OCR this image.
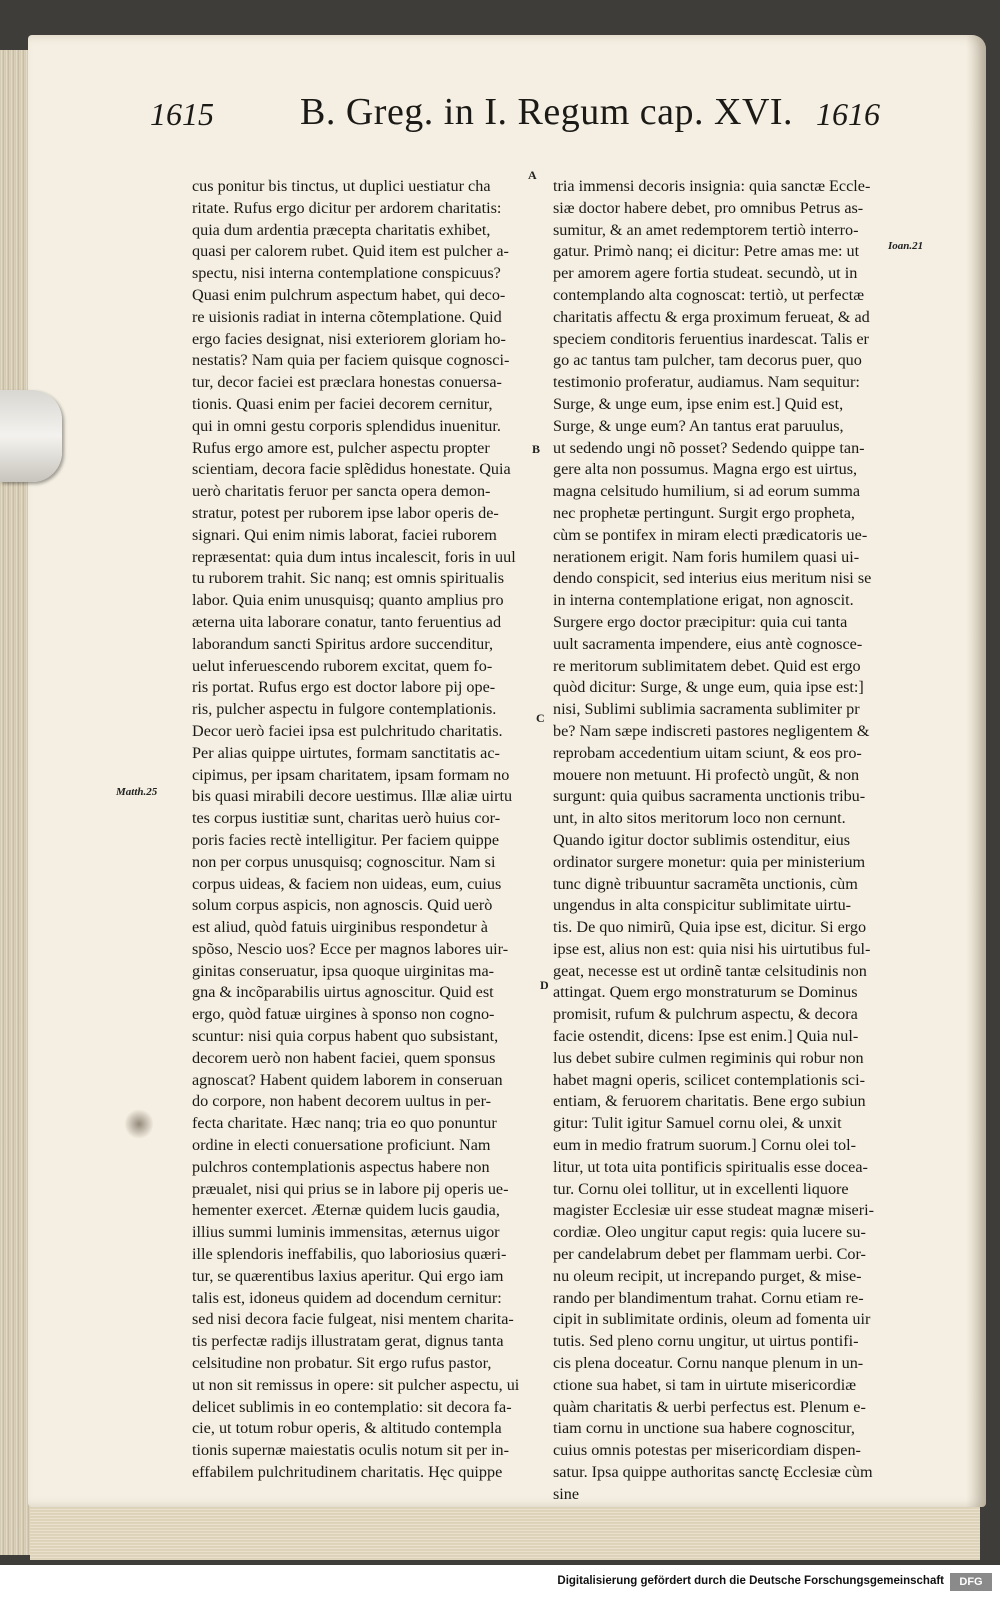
1615 B. Greg. in I. Regum cap. XVI. 1616
cus ponitur bis tinctus, ut duplici uestiatur cha
ritate. Rufus ergo dicitur per ardorem charitatis:
quia dum ardentia præcepta charitatis exhibet,
quasi per calorem rubet. Quid item est pulcher a-
spectu, nisi interna contemplatione conspicuus?
Quasi enim pulchrum aspectum habet, qui deco-
re uisionis radiat in interna cõtemplatione. Quid
ergo facies designat, nisi exteriorem gloriam ho-
nestatis? Nam quia per faciem quisque cognosci-
tur, decor faciei est præclara honestas conuersa-
tionis. Quasi enim per faciei decorem cernitur,
qui in omni gestu corporis splendidus inuenitur.
Rufus ergo amore est, pulcher aspectu propter
scientiam, decora facie splẽdidus honestate. Quia
uerò charitatis feruor per sancta opera demon-
stratur, potest per ruborem ipse labor operis de-
signari. Qui enim nimis laborat, faciei ruborem
repræsentat: quia dum intus incalescit, foris in uul
tu ruborem trahit. Sic nanq; est omnis spiritualis
labor. Quia enim unusquisq; quanto amplius pro
æterna uita laborare conatur, tanto feruentius ad
laborandum sancti Spiritus ardore succenditur,
uelut inferuescendo ruborem excitat, quem fo-
ris portat. Rufus ergo est doctor labore pij ope-
ris, pulcher aspectu in fulgore contemplationis.
Decor uerò faciei ipsa est pulchritudo charitatis.
Per alias quippe uirtutes, formam sanctitatis ac-
cipimus, per ipsam charitatem, ipsam formam no
bis quasi mirabili decore uestimus. Illæ aliæ uirtu
tes corpus iustitiæ sunt, charitas uerò huius cor-
poris facies rectè intelligitur. Per faciem quippe
non per corpus unusquisq; cognoscitur. Nam si
corpus uideas, & faciem non uideas, eum, cuius
solum corpus aspicis, non agnoscis. Quid uerò
est aliud, quòd fatuis uirginibus respondetur à
spõso, Nescio uos? Ecce per magnos labores uir-
ginitas conseruatur, ipsa quoque uirginitas ma-
gna & incõparabilis uirtus agnoscitur. Quid est
ergo, quòd fatuæ uirgines à sponso non cogno-
scuntur: nisi quia corpus habent quo subsistant,
decorem uerò non habent faciei, quem sponsus
agnoscat? Habent quidem laborem in conseruan
do corpore, non habent decorem uultus in per-
fecta charitate. Hæc nanq; tria eo quo ponuntur
ordine in electi conuersatione proficiunt. Nam
pulchros contemplationis aspectus habere non
præualet, nisi qui prius se in labore pij operis ue-
hementer exercet. Æternæ quidem lucis gaudia,
illius summi luminis immensitas, æternus uigor
ille splendoris ineffabilis, quo laboriosius quæri-
tur, se quærentibus laxius aperitur. Qui ergo iam
talis est, idoneus quidem ad docendum cernitur:
sed nisi decora facie fulgeat, nisi mentem charita-
tis perfectæ radijs illustratam gerat, dignus tanta
celsitudine non probatur. Sit ergo rufus pastor,
ut non sit remissus in opere: sit pulcher aspectu, ui
delicet sublimis in eo contemplatio: sit decora fa-
cie, ut totum robur operis, & altitudo contempla
tionis supernæ maiestatis oculis notum sit per in-
effabilem pulchritudinem charitatis. Hęc quippe
tria immensi decoris insignia: quia sanctæ Eccle-
siæ doctor habere debet, pro omnibus Petrus as-
sumitur, & an amet redemptorem tertiò interro-
gatur. Primò nanq; ei dicitur: Petre amas me: ut
per amorem agere fortia studeat. secundò, ut in
contemplando alta cognoscat: tertiò, ut perfectæ
charitatis affectu & erga proximum ferueat, & ad
speciem conditoris feruentius inardescat. Talis er
go ac tantus tam pulcher, tam decorus puer, quo
testimonio proferatur, audiamus. Nam sequitur:
Surge, & unge eum, ipse enim est.] Quid est,
Surge, & unge eum? An tantus erat paruulus,
ut sedendo ungi nõ posset? Sedendo quippe tan-
gere alta non possumus. Magna ergo est uirtus,
magna celsitudo humilium, si ad eorum summa
nec prophetæ pertingunt. Surgit ergo propheta,
cùm se pontifex in miram electi prædicatoris ue-
nerationem erigit. Nam foris humilem quasi ui-
dendo conspicit, sed interius eius meritum nisi se
in interna contemplatione erigat, non agnoscit.
Surgere ergo doctor præcipitur: quia cui tanta
uult sacramenta impendere, eius antè cognosce-
re meritorum sublimitatem debet. Quid est ergo
quòd dicitur: Surge, & unge eum, quia ipse est:]
nisi, Sublimi sublimia sacramenta sublimiter pr
be? Nam sæpe indiscreti pastores negligentem &
reprobam accedentium uitam sciunt, & eos pro-
mouere non metuunt. Hi profectò ungũt, & non
surgunt: quia quibus sacramenta unctionis tribu-
unt, in alto sitos meritorum loco non cernunt.
Quando igitur doctor sublimis ostenditur, eius
ordinator surgere monetur: quia per ministerium
tunc dignè tribuuntur sacramẽta unctionis, cùm
ungendus in alta conspicitur sublimitate uirtu-
tis. De quo nimirũ, Quia ipse est, dicitur. Si ergo
ipse est, alius non est: quia nisi his uirtutibus ful-
geat, necesse est ut ordinẽ tantæ celsitudinis non
attingat. Quem ergo monstraturum se Dominus
promisit, rufum & pulchrum aspectu, & decora
facie ostendit, dicens: Ipse est enim.] Quia nul-
lus debet subire culmen regiminis qui robur non
habet magni operis, scilicet contemplationis sci-
entiam, & feruorem charitatis. Bene ergo subiun
gitur: Tulit igitur Samuel cornu olei, & unxit
eum in medio fratrum suorum.] Cornu olei tol-
litur, ut tota uita pontificis spiritualis esse docea-
tur. Cornu olei tollitur, ut in excellenti liquore
magister Ecclesiæ uir esse studeat magnæ miseri-
cordiæ. Oleo ungitur caput regis: quia lucere su-
per candelabrum debet per flammam uerbi. Cor-
nu oleum recipit, ut increpando purget, & mise-
rando per blandimentum trahat. Cornu etiam re-
cipit in sublimitate ordinis, oleum ad fomenta uir
tutis. Sed pleno cornu ungitur, ut uirtus pontifi-
cis plena doceatur. Cornu nanque plenum in un-
ctione sua habet, si tam in uirtute misericordiæ
quàm charitatis & uerbi perfectus est. Plenum e-
tiam cornu in unctione sua habere cognoscitur,
cuius omnis potestas per misericordiam dispen-
satur. Ipsa quippe authoritas sanctę Ecclesiæ cùm
sine
A
B
C
D
Ioan.21
Matth.25
Digitalisierung gefördert durch die Deutsche Forschungsgemeinschaft	DFG
